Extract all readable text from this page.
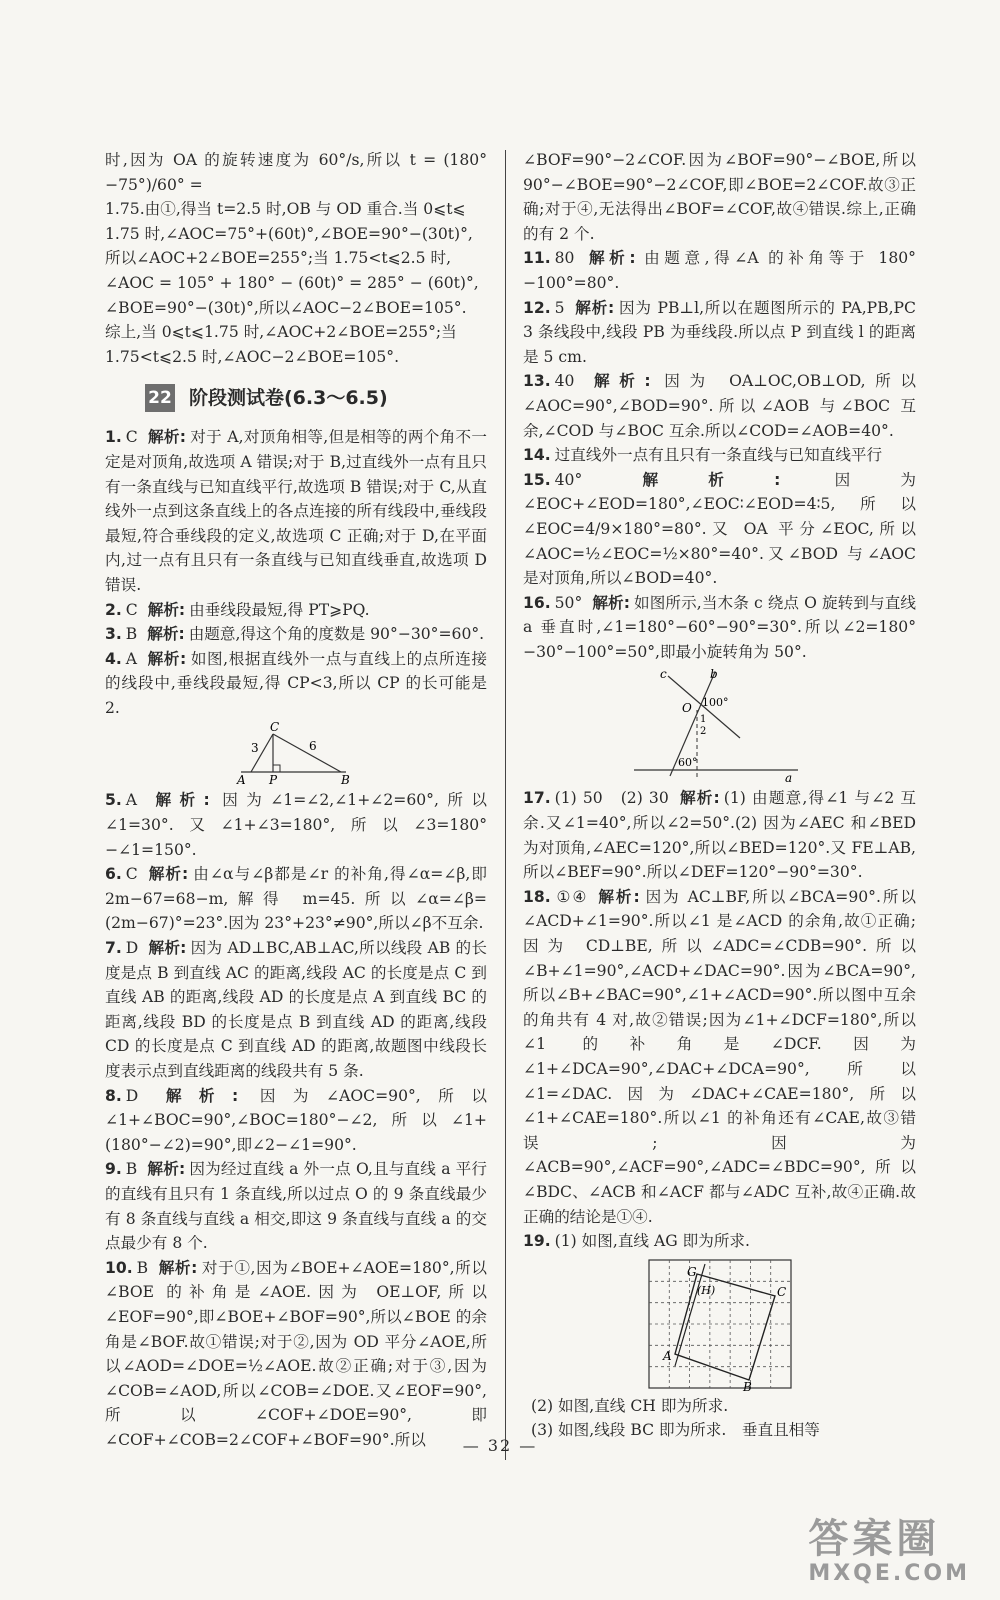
时,因为 OA 的旋转速度为 60°/s,所以 t = (180°−75°)/60° =

1.75.由①,得当 t=2.5 时,OB 与 OD 重合.当 0⩽t⩽

1.75 时,∠AOC=75°+(60t)°,∠BOE=90°−(30t)°,

所以∠AOC+2∠BOE=255°;当 1.75<t⩽2.5 时,

∠AOC = 105° + 180° − (60t)° = 285° − (60t)°,

∠BOE=90°−(30t)°,所以∠AOC−2∠BOE=105°.

综上,当 0⩽t⩽1.75 时,∠AOC+2∠BOE=255°;当

1.75<t⩽2.5 时,∠AOC−2∠BOE=105°.

22 阶段测试卷(6.3～6.5)

1. C 解析: 对于 A,对顶角相等,但是相等的两个角不一定是对顶角,故选项 A 错误;对于 B,过直线外一点有且只有一条直线与已知直线平行,故选项 B 错误;对于 C,从直线外一点到这条直线上的各点连接的所有线段中,垂线段最短,符合垂线段的定义,故选项 C 正确;对于 D,在平面内,过一点有且只有一条直线与已知直线垂直,故选项 D 错误.

2. C 解析: 由垂线段最短,得 PT⩾PQ.

3. B 解析: 由题意,得这个角的度数是 90°−30°=60°.

4. A 解析: 如图,根据直线外一点与直线上的点所连接的线段中,垂线段最短,得 CP<3,所以 CP 的长可能是 2.

C
A P	B
3	6

5. A 解析: 因为∠1=∠2,∠1+∠2=60°,所以∠1=30°.又∠1+∠3=180°,所以∠3=180°−∠1=150°.

6. C 解析: 由∠α与∠β都是∠r 的补角,得∠α=∠β,即 2m−67=68−m,解得 m=45.所以∠α=∠β=(2m−67)°=23°.因为 23°+23°≠90°,所以∠β不互余.

7. D 解析: 因为 AD⊥BC,AB⊥AC,所以线段 AB 的长度是点 B 到直线 AC 的距离,线段 AC 的长度是点 C 到直线 AB 的距离,线段 AD 的长度是点 A 到直线 BC 的距离,线段 BD 的长度是点 B 到直线 AD 的距离,线段 CD 的长度是点 C 到直线 AD 的距离,故题图中线段长度表示点到直线距离的线段共有 5 条.

8. D 解析: 因为∠AOC=90°,所以∠1+∠BOC=90°,∠BOC=180°−∠2,所以∠1+(180°−∠2)=90°,即∠2−∠1=90°.

9. B 解析: 因为经过直线 a 外一点 O,且与直线 a 平行的直线有且只有 1 条直线,所以过点 O 的 9 条直线最少有 8 条直线与直线 a 相交,即这 9 条直线与直线 a 的交点最少有 8 个.

10. B 解析: 对于①,因为∠BOE+∠AOE=180°,所以∠BOE 的补角是∠AOE.因为 OE⊥OF,所以∠EOF=90°,即∠BOE+∠BOF=90°,所以∠BOE 的余角是∠BOF.故①错误;对于②,因为 OD 平分∠AOE,所以∠AOD=∠DOE=½∠AOE.故②正确;对于③,因为∠COB=∠AOD,所以∠COB=∠DOE.又∠EOF=90°,所以∠COF+∠DOE=90°,即∠COF+∠COB=2∠COF+∠BOF=90°.所以

∠BOF=90°−2∠COF.因为∠BOF=90°−∠BOE,所以 90°−∠BOE=90°−2∠COF,即∠BOE=2∠COF.故③正确;对于④,无法得出∠BOF=∠COF,故④错误.综上,正确的有 2 个.

11. 80 解析: 由题意,得∠A 的补角等于 180°−100°=80°.

12. 5 解析: 因为 PB⊥l,所以在题图所示的 PA,PB,PC 3 条线段中,线段 PB 为垂线段.所以点 P 到直线 l 的距离是 5 cm.

13. 40 解析: 因为 OA⊥OC,OB⊥OD,所以∠AOC=90°,∠BOD=90°.所以∠AOB 与∠BOC 互余,∠COD 与∠BOC 互余.所以∠COD=∠AOB=40°.

14. 过直线外一点有且只有一条直线与已知直线平行

15. 40° 解析: 因为∠EOC+∠EOD=180°,∠EOC∶∠EOD=4∶5,所以∠EOC=4/9×180°=80°.又 OA 平分∠EOC,所以∠AOC=½∠EOC=½×80°=40°.又∠BOD 与∠AOC 是对顶角,所以∠BOD=40°.

16. 50° 解析: 如图所示,当木条 c 绕点 O 旋转到与直线 a 垂直时,∠1=180°−60°−90°=30°.所以∠2=180°−30°−100°=50°,即最小旋转角为 50°.

b
c
a
O 100°
60°
1
2

17. (1) 50　(2) 30 解析: (1) 由题意,得∠1 与∠2 互余.又∠1=40°,所以∠2=50°.(2) 因为∠AEC 和∠BED 为对顶角,∠AEC=120°,所以∠BED=120°.又 FE⊥AB,所以∠BEF=90°.所以∠DEF=120°−90°=30°.

18. ①④ 解析: 因为 AC⊥BF,所以∠BCA=90°.所以∠ACD+∠1=90°.所以∠1 是∠ACD 的余角,故①正确;因为 CD⊥BE,所以∠ADC=∠CDB=90°.所以∠B+∠1=90°,∠ACD+∠DAC=90°.因为∠BCA=90°,所以∠B+∠BAC=90°,∠1+∠ACD=90°.所以图中互余的角共有 4 对,故②错误;因为∠1+∠DCF=180°,所以∠1 的补角是∠DCF.因为∠1+∠DCA=90°,∠DAC+∠DCA=90°,所以∠1=∠DAC.因为∠DAC+∠CAE=180°,所以∠1+∠CAE=180°.所以∠1 的补角还有∠CAE,故③错误;因为∠ACB=90°,∠ACF=90°,∠ADC=∠BDC=90°,所以∠BDC、∠ACB 和∠ACF 都与∠ADC 互补,故④正确.故正确的结论是①④.

19. (1) 如图,直线 AG 即为所求.

G
(H)	C
A
B

(2) 如图,直线 CH 即为所求.

(3) 如图,线段 BC 即为所求.　垂直且相等

— 32 —
答案圈
MXQE.COM
